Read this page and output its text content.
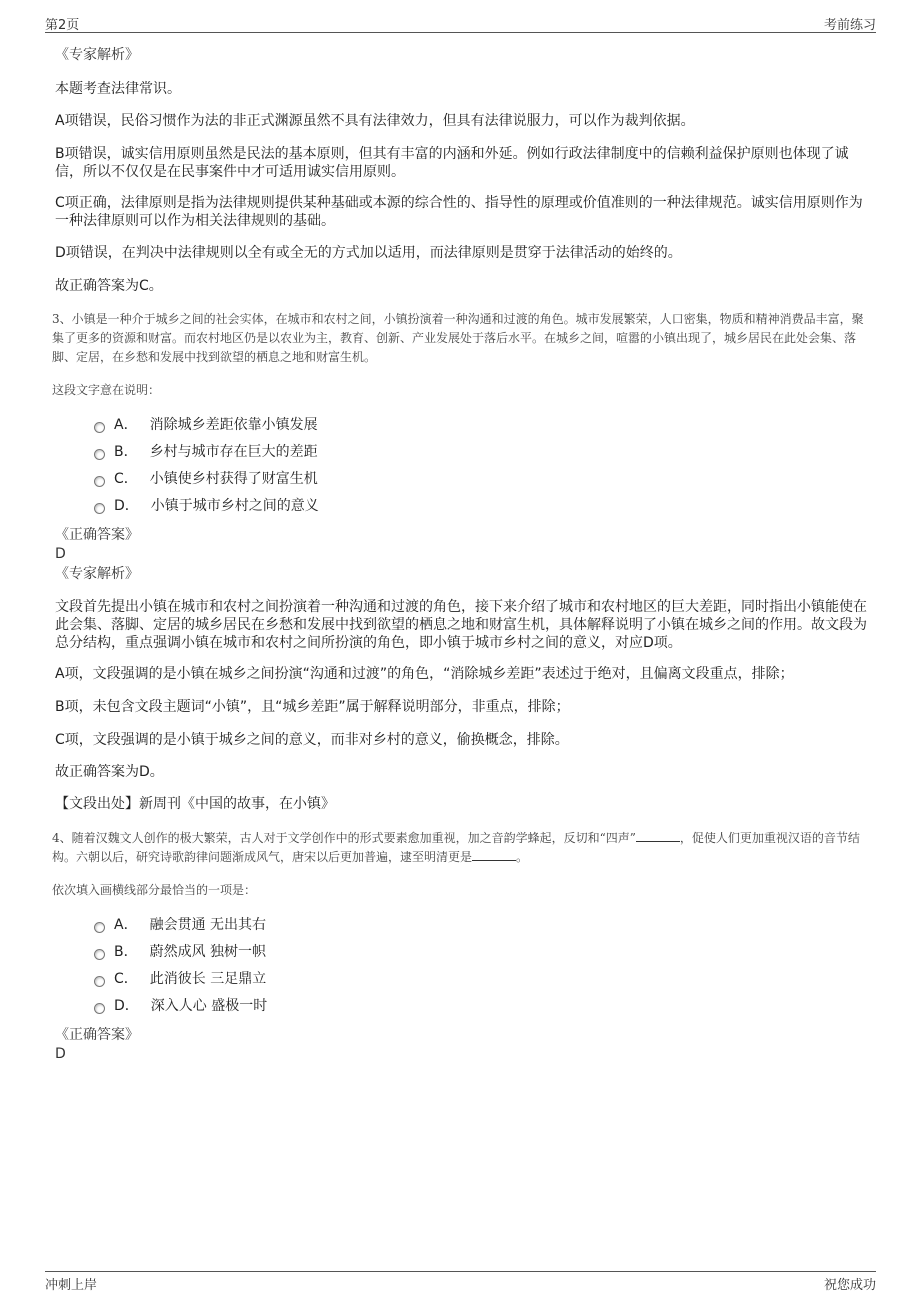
第2页	考前练习
《专家解析》
本题考查法律常识。
A项错误，民俗习惯作为法的非正式渊源虽然不具有法律效力，但具有法律说服力，可以作为裁判依据。
B项错误，诚实信用原则虽然是民法的基本原则，但其有丰富的内涵和外延。例如行政法律制度中的信赖利益保护原则也体现了诚信，所以不仅仅是在民事案件中才可适用诚实信用原则。
C项正确，法律原则是指为法律规则提供某种基础或本源的综合性的、指导性的原理或价值准则的一种法律规范。诚实信用原则作为一种法律原则可以作为相关法律规则的基础。
D项错误，在判决中法律规则以全有或全无的方式加以适用，而法律原则是贯穿于法律活动的始终的。
故正确答案为C。
3、小镇是一种介于城乡之间的社会实体，在城市和农村之间，小镇扮演着一种沟通和过渡的角色。城市发展繁荣，人口密集，物质和精神消费品丰富，聚集了更多的资源和财富。而农村地区仍是以农业为主，教育、创新、产业发展处于落后水平。在城乡之间，喧嚣的小镇出现了，城乡居民在此处会集、落脚、定居，在乡愁和发展中找到欲望的栖息之地和财富生机。
这段文字意在说明：
A． 消除城乡差距依靠小镇发展
B． 乡村与城市存在巨大的差距
C． 小镇使乡村获得了财富生机
D． 小镇于城市乡村之间的意义
《正确答案》
D
《专家解析》
文段首先提出小镇在城市和农村之间扮演着一种沟通和过渡的角色，接下来介绍了城市和农村地区的巨大差距，同时指出小镇能使在此会集、落脚、定居的城乡居民在乡愁和发展中找到欲望的栖息之地和财富生机，具体解释说明了小镇在城乡之间的作用。故文段为总分结构，重点强调小镇在城市和农村之间所扮演的角色，即小镇于城市乡村之间的意义，对应D项。
A项，文段强调的是小镇在城乡之间扮演“沟通和过渡”的角色，“消除城乡差距”表述过于绝对，且偏离文段重点，排除；
B项，未包含文段主题词“小镇”，且“城乡差距”属于解释说明部分，非重点，排除；
C项，文段强调的是小镇于城乡之间的意义，而非对乡村的意义，偷换概念，排除。
故正确答案为D。
【文段出处】新周刊《中国的故事，在小镇》
4、随着汉魏文人创作的极大繁荣，古人对于文学创作中的形式要素愈加重视，加之音韵学蜂起，反切和“四声”	，促使人们更加重视汉语的音节结构。六朝以后，研究诗歌韵律问题渐成风气，唐宋以后更加普遍，逮至明清更是	。
依次填入画横线部分最恰当的一项是：
A． 融会贯通 无出其右
B． 蔚然成风 独树一帜
C． 此消彼长 三足鼎立
D． 深入人心 盛极一时
《正确答案》
D
冲刺上岸	祝您成功
